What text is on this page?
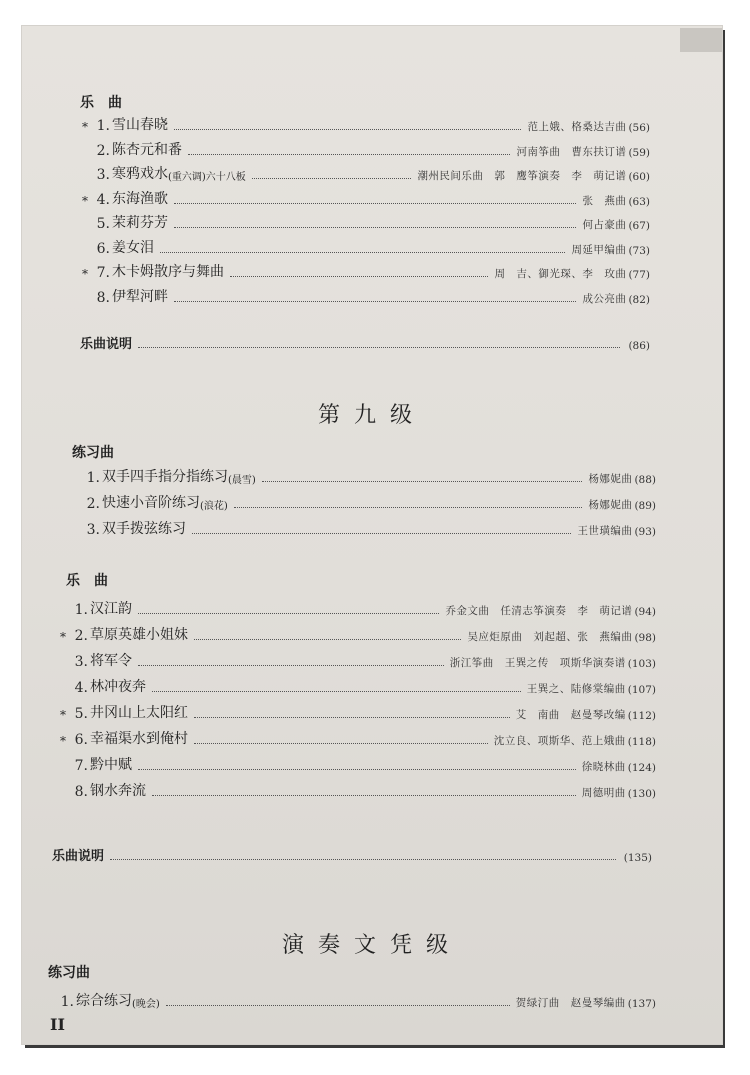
乐　曲
* 1. 雪山春晓	范上娥、格桑达吉曲 (56)
2. 陈杏元和番	河南筝曲　曹东扶订谱 (59)
3. 寒鸦戏水 (重六调)六十八板	潮州民间乐曲　郭　鹰筝演奏　李　萌记谱 (60)
* 4. 东海渔歌	张　燕曲 (63)
5. 茉莉芬芳	何占豪曲 (67)
6. 姜女泪	周延甲编曲 (73)
* 7. 木卡姆散序与舞曲	周　吉、御光琛、李　玫曲 (77)
8. 伊犁河畔	成公亮曲 (82)
乐曲说明	(86)
第九级
练习曲
1. 双手四手指分指练习 (晨雪)	杨娜妮曲 (88)
2. 快速小音阶练习 (浪花)	杨娜妮曲 (89)
3. 双手拨弦练习	王世璜编曲 (93)
乐　曲
1. 汉江韵	乔金文曲　任清志筝演奏　李　萌记谱 (94)
* 2. 草原英雄小姐妹	吴应炬原曲　刘起超、张　燕编曲 (98)
3. 将军令	浙江筝曲　王巽之传　项斯华演奏谱 (103)
4. 林冲夜奔	王巽之、陆修棠编曲 (107)
* 5. 井冈山上太阳红	艾　南曲　赵曼琴改编 (112)
* 6. 幸福渠水到俺村	沈立良、项斯华、范上娥曲 (118)
7. 黔中赋	徐晓林曲 (124)
8. 钢水奔流	周德明曲 (130)
乐曲说明	(135)
演奏文凭级
练习曲
1. 综合练习 (晚会)	贺绿汀曲　赵曼琴编曲 (137)
II
